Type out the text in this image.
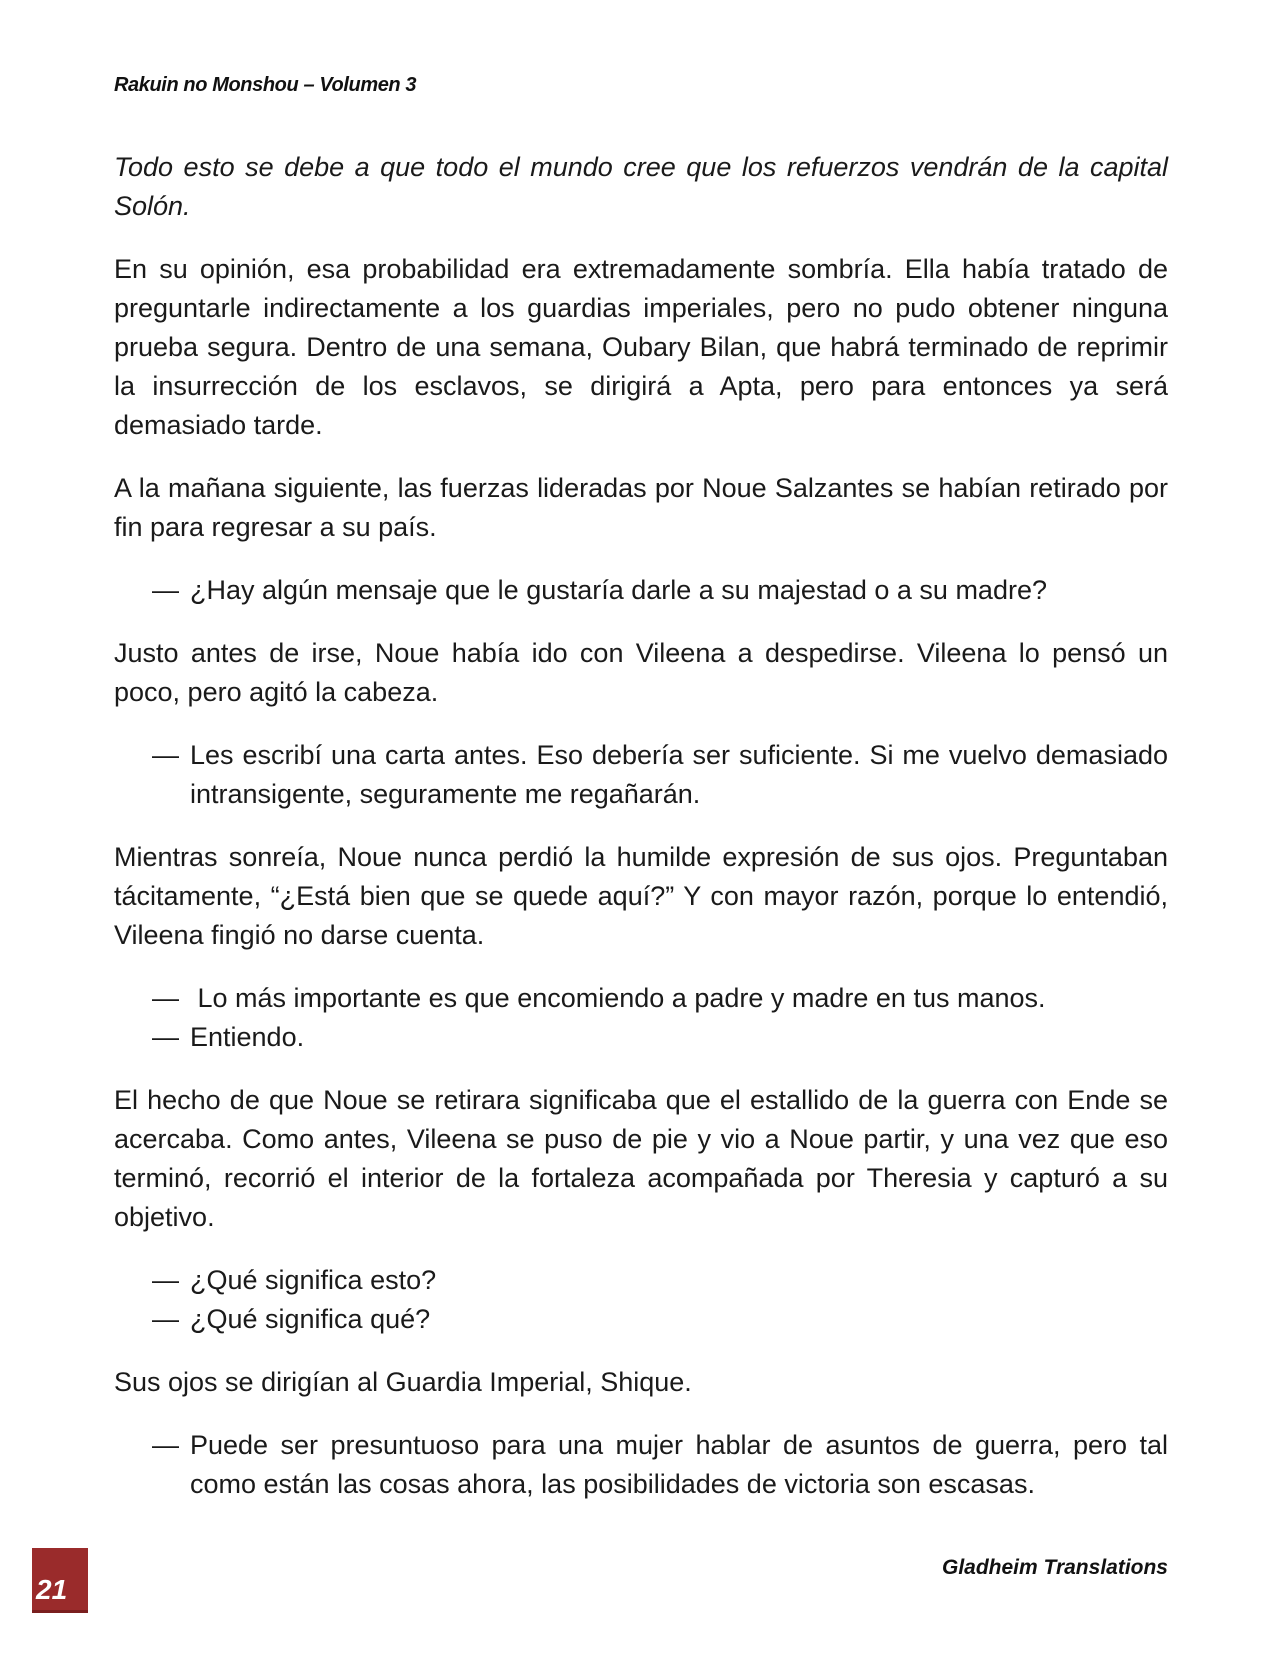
Rakuin no Monshou – Volumen 3

Todo esto se debe a que todo el mundo cree que los refuerzos vendrán de la capital Solón.

En su opinión, esa probabilidad era extremadamente sombría. Ella había tratado de preguntarle indirectamente a los guardias imperiales, pero no pudo obtener ninguna prueba segura. Dentro de una semana, Oubary Bilan, que habrá terminado de reprimir la insurrección de los esclavos, se dirigirá a Apta, pero para entonces ya será demasiado tarde.

A la mañana siguiente, las fuerzas lideradas por Noue Salzantes se habían retirado por fin para regresar a su país.

— ¿Hay algún mensaje que le gustaría darle a su majestad o a su madre?

Justo antes de irse, Noue había ido con Vileena a despedirse. Vileena lo pensó un poco, pero agitó la cabeza.

— Les escribí una carta antes. Eso debería ser suficiente. Si me vuelvo demasiado intransigente, seguramente me regañarán.

Mientras sonreía, Noue nunca perdió la humilde expresión de sus ojos. Preguntaban tácitamente, “¿Está bien que se quede aquí?” Y con mayor razón, porque lo entendió, Vileena fingió no darse cuenta.

— Lo más importante es que encomiendo a padre y madre en tus manos.
— Entiendo.

El hecho de que Noue se retirara significaba que el estallido de la guerra con Ende se acercaba. Como antes, Vileena se puso de pie y vio a Noue partir, y una vez que eso terminó, recorrió el interior de la fortaleza acompañada por Theresia y capturó a su objetivo.

— ¿Qué significa esto?
— ¿Qué significa qué?

Sus ojos se dirigían al Guardia Imperial, Shique.

— Puede ser presuntuoso para una mujer hablar de asuntos de guerra, pero tal como están las cosas ahora, las posibilidades de victoria son escasas.
21
Gladheim Translations
